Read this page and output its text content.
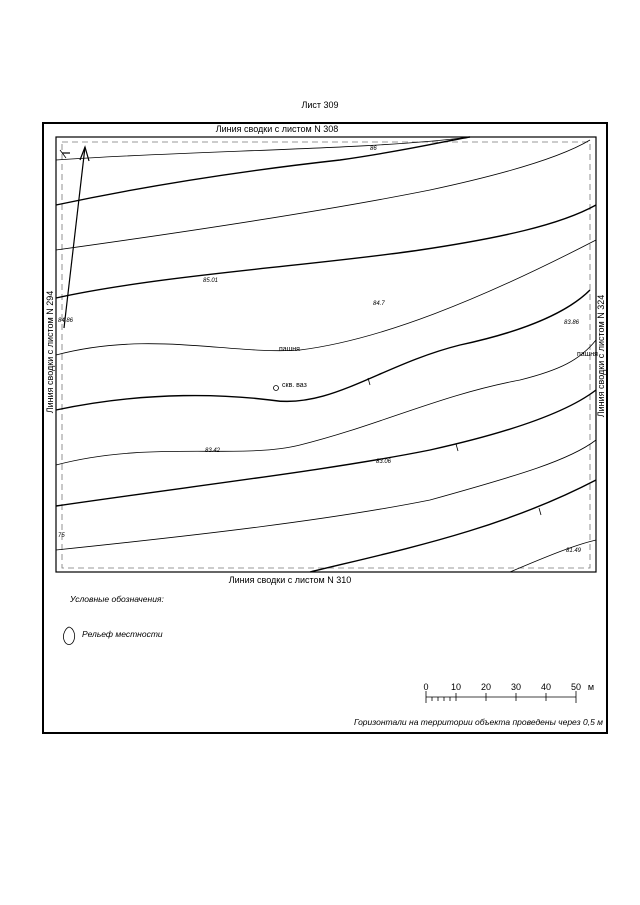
Лист 309
86
85.01
84.7
84.86	83.86
83.42
83.06
75
81.49
пашня
пашня
скв. ваз
Линия сводки с листом N 308
Линия сводки с листом N 310
Линия сводки с листом N 294	Линия сводки с листом N 324
Условные обозначения:
Рельеф местности
0 10 20 30 40 50 м
Горизонтали на территории объекта проведены через 0,5 м
